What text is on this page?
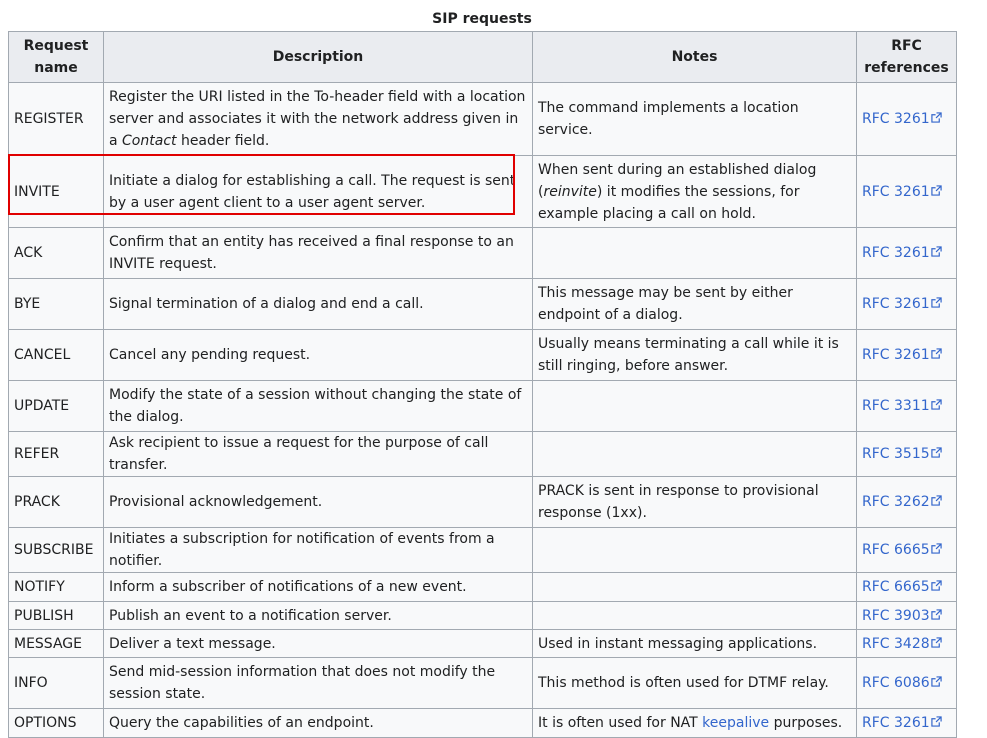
SIP requests
Request name	Description	Notes	RFC references
REGISTER	Register the URI listed in the To-header field with a location server and associates it with the network address given in a Contact header field.	The command implements a location service.	RFC 3261
INVITE	Initiate a dialog for establishing a call. The request is sent by a user agent client to a user agent server.	When sent during an established dialog (reinvite) it modifies the sessions, for example placing a call on hold.	RFC 3261
ACK	Confirm that an entity has received a final response to an INVITE request.		RFC 3261
BYE	Signal termination of a dialog and end a call.	This message may be sent by either endpoint of a dialog.	RFC 3261
CANCEL	Cancel any pending request.	Usually means terminating a call while it is still ringing, before answer.	RFC 3261
UPDATE	Modify the state of a session without changing the state of the dialog.		RFC 3311
REFER	Ask recipient to issue a request for the purpose of call transfer.		RFC 3515
PRACK	Provisional acknowledgement.	PRACK is sent in response to provisional response (1xx).	RFC 3262
SUBSCRIBE	Initiates a subscription for notification of events from a notifier.		RFC 6665
NOTIFY	Inform a subscriber of notifications of a new event.		RFC 6665
PUBLISH	Publish an event to a notification server.		RFC 3903
MESSAGE	Deliver a text message.	Used in instant messaging applications.	RFC 3428
INFO	Send mid-session information that does not modify the session state.	This method is often used for DTMF relay.	RFC 6086
OPTIONS	Query the capabilities of an endpoint.	It is often used for NAT keepalive purposes.	RFC 3261
